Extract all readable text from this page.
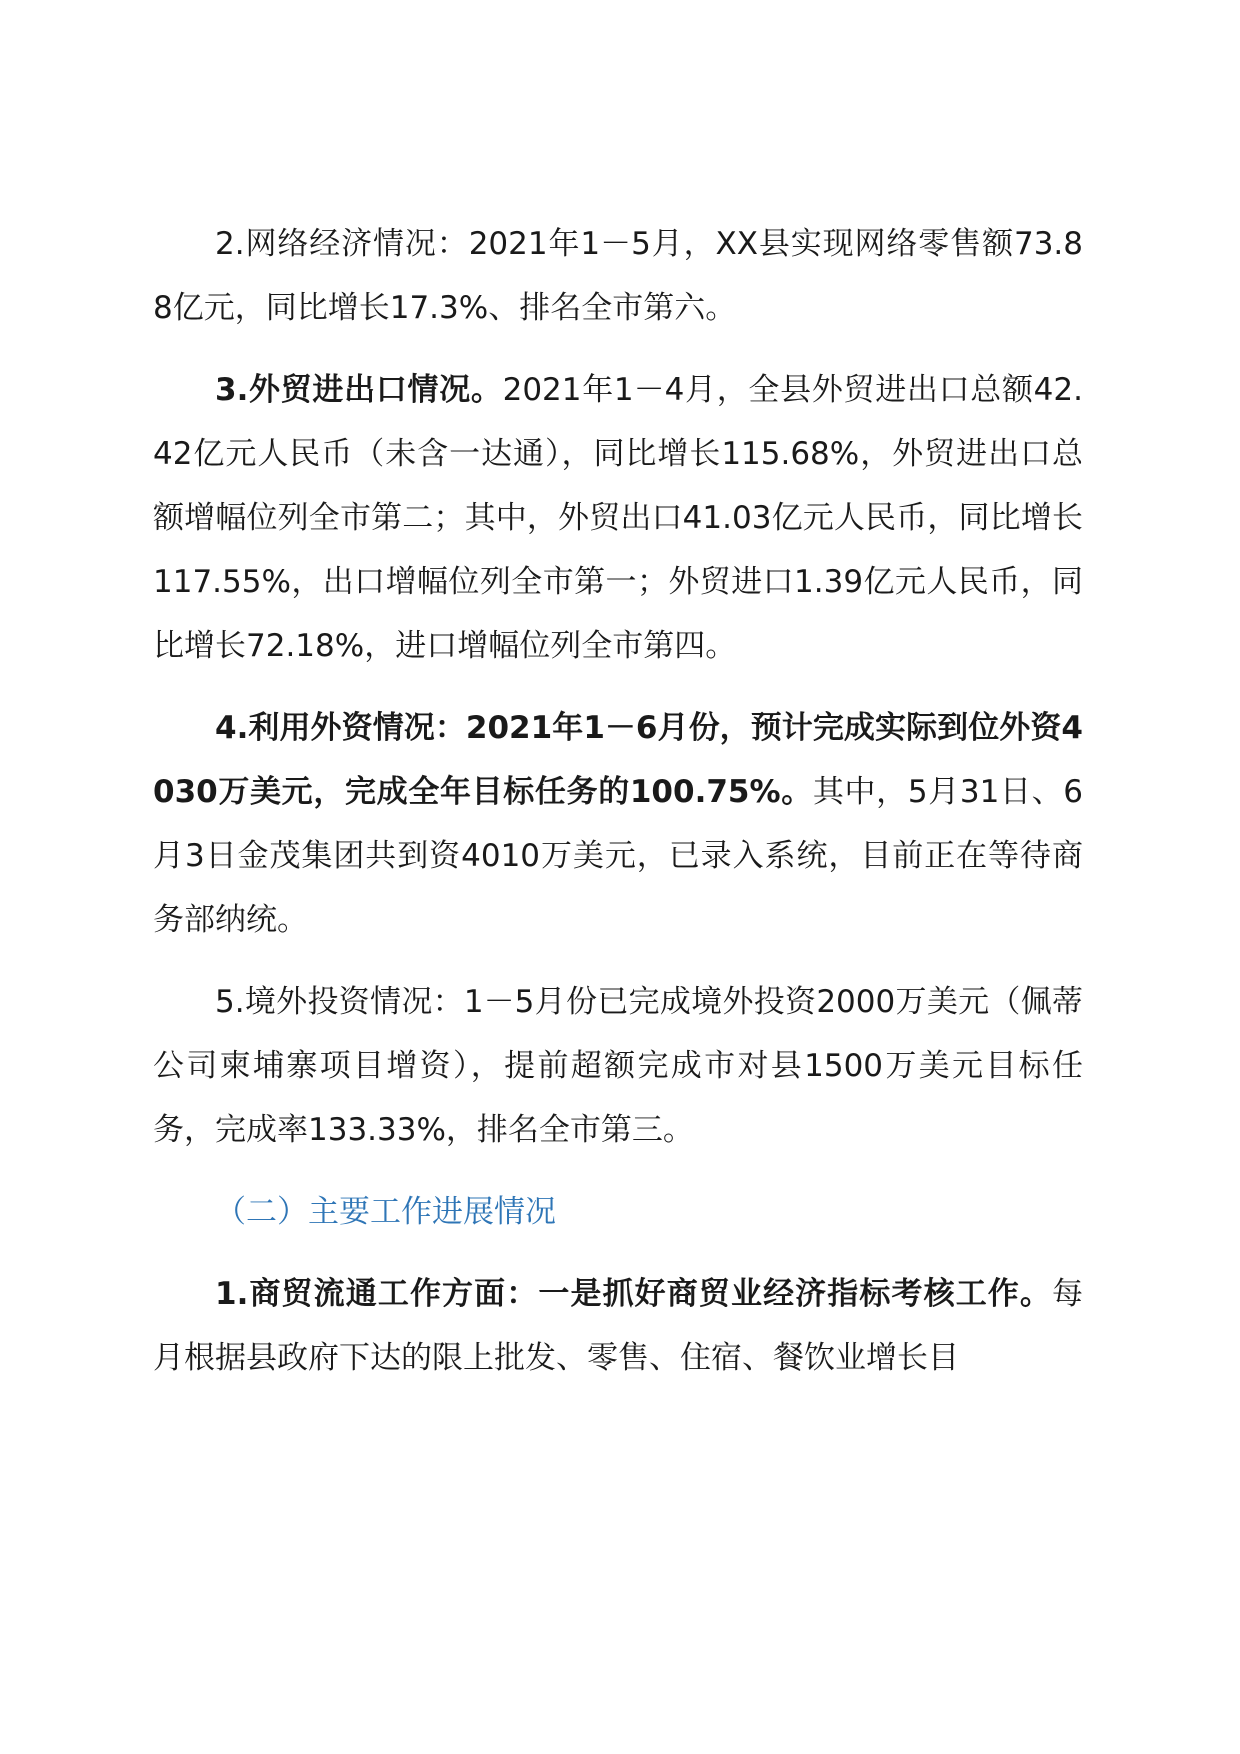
2.网络经济情况：2021年1－5月，XX县实现网络零售额73.88亿元，同比增长17.3%、排名全市第六。

3.外贸进出口情况。2021年1－4月，全县外贸进出口总额42.42亿元人民币（未含一达通），同比增长115.68%，外贸进出口总额增幅位列全市第二；其中，外贸出口41.03亿元人民币，同比增长117.55%，出口增幅位列全市第一；外贸进口1.39亿元人民币，同比增长72.18%，进口增幅位列全市第四。

4.利用外资情况：2021年1－6月份，预计完成实际到位外资4030万美元，完成全年目标任务的100.75%。其中，5月31日、6月3日金茂集团共到资4010万美元，已录入系统，目前正在等待商务部纳统。

5.境外投资情况：1－5月份已完成境外投资2000万美元（佩蒂公司柬埔寨项目增资），提前超额完成市对县1500万美元目标任务，完成率133.33%，排名全市第三。

（二）主要工作进展情况

1.商贸流通工作方面：一是抓好商贸业经济指标考核工作。每月根据县政府下达的限上批发、零售、住宿、餐饮业增长目
